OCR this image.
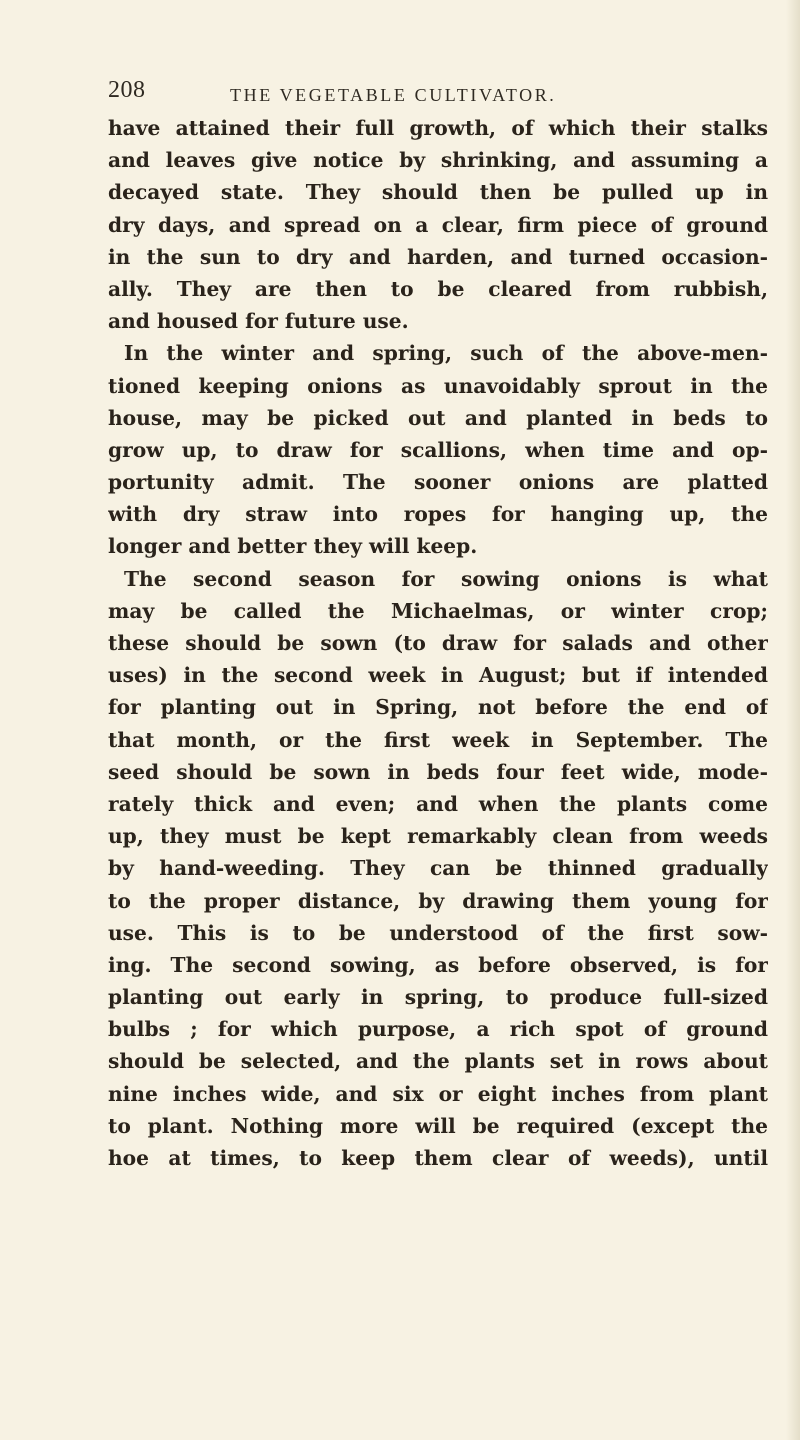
208	THE VEGETABLE CULTIVATOR.
have attained their full growth, of which their stalks
and leaves give notice by shrinking, and assuming a
decayed state. They should then be pulled up in
dry days, and spread on a clear, firm piece of ground
in the sun to dry and harden, and turned occasion-
ally. They are then to be cleared from rubbish,
and housed for future use.
In the winter and spring, such of the above-men-
tioned keeping onions as unavoidably sprout in the
house, may be picked out and planted in beds to
grow up, to draw for scallions, when time and op-
portunity admit. The sooner onions are platted
with dry straw into ropes for hanging up, the
longer and better they will keep.
The second season for sowing onions is what
may be called the Michaelmas, or winter crop;
these should be sown (to draw for salads and other
uses) in the second week in August; but if intended
for planting out in Spring, not before the end of
that month, or the first week in September. The
seed should be sown in beds four feet wide, mode-
rately thick and even; and when the plants come
up, they must be kept remarkably clean from weeds
by hand-weeding. They can be thinned gradually
to the proper distance, by drawing them young for
use. This is to be understood of the first sow-
ing. The second sowing, as before observed, is for
planting out early in spring, to produce full-sized
bulbs ; for which purpose, a rich spot of ground
should be selected, and the plants set in rows about
nine inches wide, and six or eight inches from plant
to plant. Nothing more will be required (except the
hoe at times, to keep them clear of weeds), until
